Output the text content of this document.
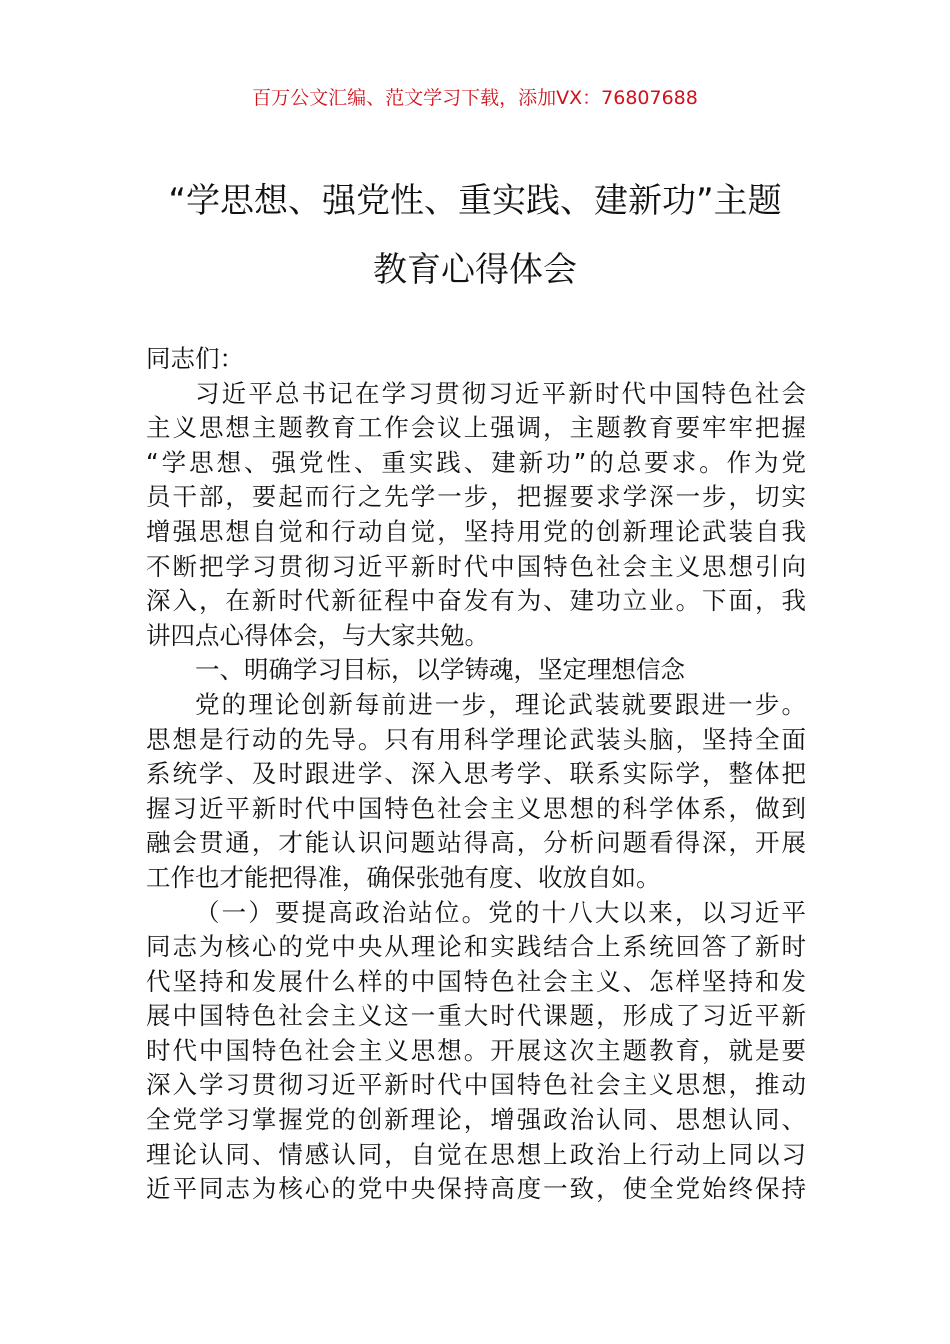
百万公文汇编、范文学习下载，添加VX：76807688
“学思想、强党性、重实践、建新功”主题
教育心得体会
同志们：
习近平总书记在学习贯彻习近平新时代中国特色社会
主义思想主题教育工作会议上强调，主题教育要牢牢把握
“学思想、强党性、重实践、建新功”的总要求。作为党
员干部，要起而行之先学一步，把握要求学深一步，切实
增强思想自觉和行动自觉，坚持用党的创新理论武装自我
不断把学习贯彻习近平新时代中国特色社会主义思想引向
深入，在新时代新征程中奋发有为、建功立业。下面，我
讲四点心得体会，与大家共勉。
一、明确学习目标，以学铸魂，坚定理想信念
党的理论创新每前进一步，理论武装就要跟进一步。
思想是行动的先导。只有用科学理论武装头脑，坚持全面
系统学、及时跟进学、深入思考学、联系实际学，整体把
握习近平新时代中国特色社会主义思想的科学体系，做到
融会贯通，才能认识问题站得高，分析问题看得深，开展
工作也才能把得准，确保张弛有度、收放自如。
（一）要提高政治站位。党的十八大以来，以习近平
同志为核心的党中央从理论和实践结合上系统回答了新时
代坚持和发展什么样的中国特色社会主义、怎样坚持和发
展中国特色社会主义这一重大时代课题，形成了习近平新
时代中国特色社会主义思想。开展这次主题教育，就是要
深入学习贯彻习近平新时代中国特色社会主义思想，推动
全党学习掌握党的创新理论，增强政治认同、思想认同、
理论认同、情感认同，自觉在思想上政治上行动上同以习
近平同志为核心的党中央保持高度一致，使全党始终保持
